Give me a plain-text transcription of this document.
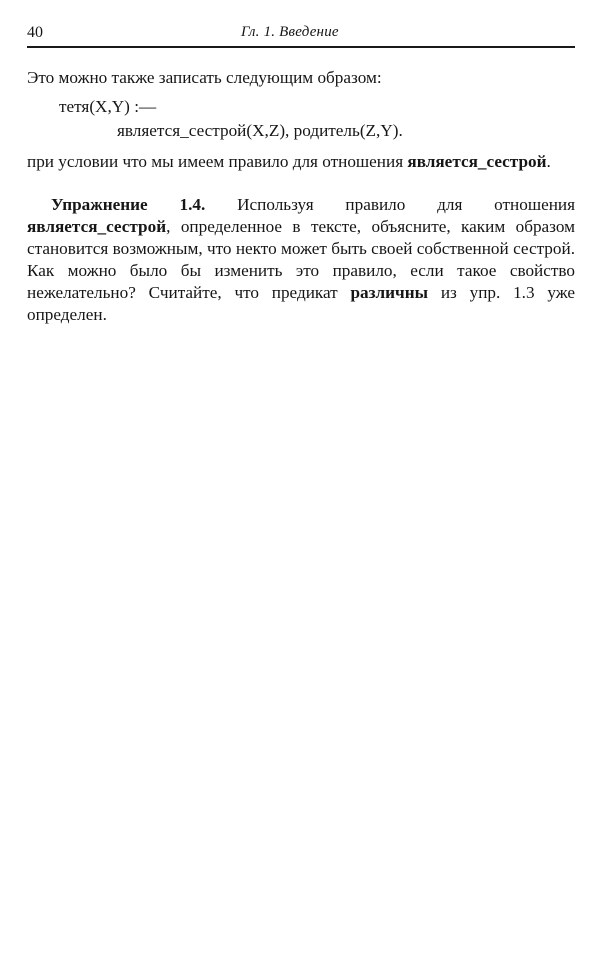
40	Гл. 1. Введение

Это можно также записать следующим образом:

тетя(X,Y) :—
является_сестрой(X,Z), родитель(Z,Y).

при условии что мы имеем правило для отношения является_сестрой.

Упражнение 1.4. Используя правило для отношения является_сестрой, определенное в тексте, объясните, каким образом становится возможным, что некто может быть своей собственной сестрой. Как можно было бы изменить это правило, если такое свойство нежелательно? Считайте, что предикат различны из упр. 1.3 уже определен.
